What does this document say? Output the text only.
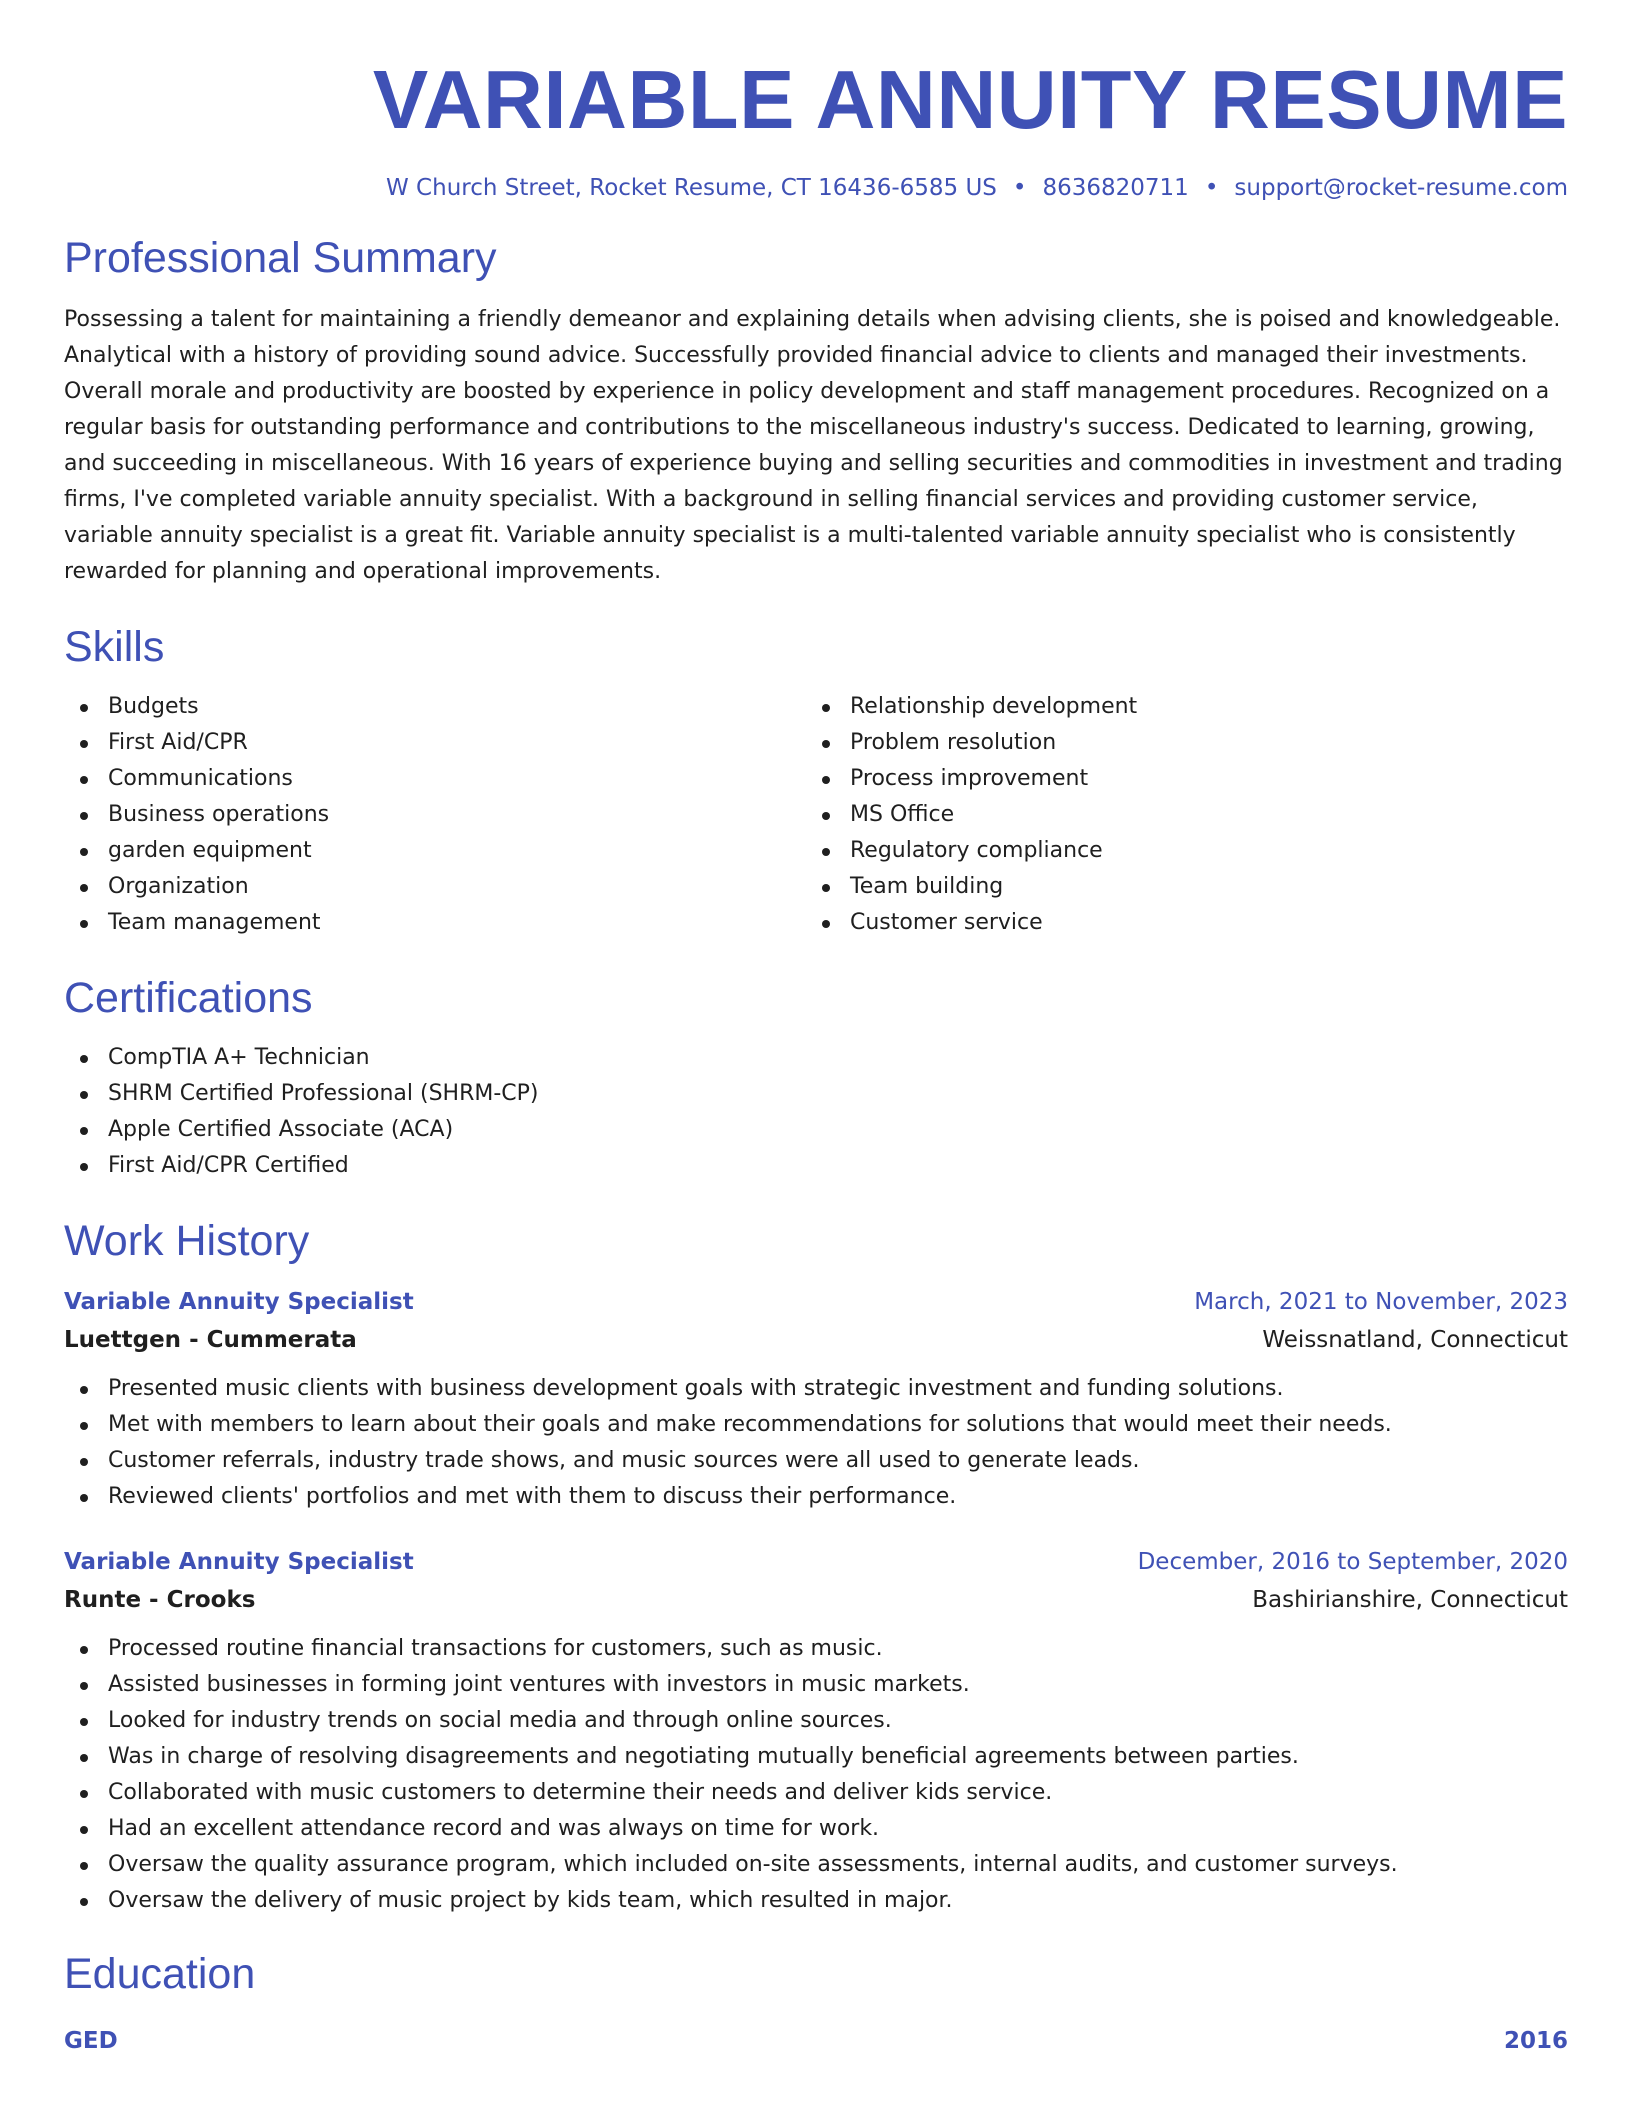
VARIABLE ANNUITY RESUME
W Church Street, Rocket Resume, CT 16436-6585 US • 8636820711 • support@rocket-resume.com
Professional Summary
Possessing a talent for maintaining a friendly demeanor and explaining details when advising clients, she is poised and knowledgeable. Analytical with a history of providing sound advice. Successfully provided financial advice to clients and managed their investments. Overall morale and productivity are boosted by experience in policy development and staff management procedures. Recognized on a regular basis for outstanding performance and contributions to the miscellaneous industry's success. Dedicated to learning, growing, and succeeding in miscellaneous. With 16 years of experience buying and selling securities and commodities in investment and trading firms, I've completed variable annuity specialist. With a background in selling financial services and providing customer service, variable annuity specialist is a great fit. Variable annuity specialist is a multi-talented variable annuity specialist who is consistently rewarded for planning and operational improvements.
Skills
Budgets
First Aid/CPR
Communications
Business operations
garden equipment
Organization
Team management
Relationship development
Problem resolution
Process improvement
MS Office
Regulatory compliance
Team building
Customer service
Certifications
CompTIA A+ Technician
SHRM Certified Professional (SHRM-CP)
Apple Certified Associate (ACA)
First Aid/CPR Certified
Work History
Variable Annuity Specialist	March, 2021 to November, 2023
Luettgen - Cummerata	Weissnatland, Connecticut
Presented music clients with business development goals with strategic investment and funding solutions.
Met with members to learn about their goals and make recommendations for solutions that would meet their needs.
Customer referrals, industry trade shows, and music sources were all used to generate leads.
Reviewed clients' portfolios and met with them to discuss their performance.
Variable Annuity Specialist	December, 2016 to September, 2020
Runte - Crooks	Bashirianshire, Connecticut
Processed routine financial transactions for customers, such as music.
Assisted businesses in forming joint ventures with investors in music markets.
Looked for industry trends on social media and through online sources.
Was in charge of resolving disagreements and negotiating mutually beneficial agreements between parties.
Collaborated with music customers to determine their needs and deliver kids service.
Had an excellent attendance record and was always on time for work.
Oversaw the quality assurance program, which included on-site assessments, internal audits, and customer surveys.
Oversaw the delivery of music project by kids team, which resulted in major.
Education
GED	2016
